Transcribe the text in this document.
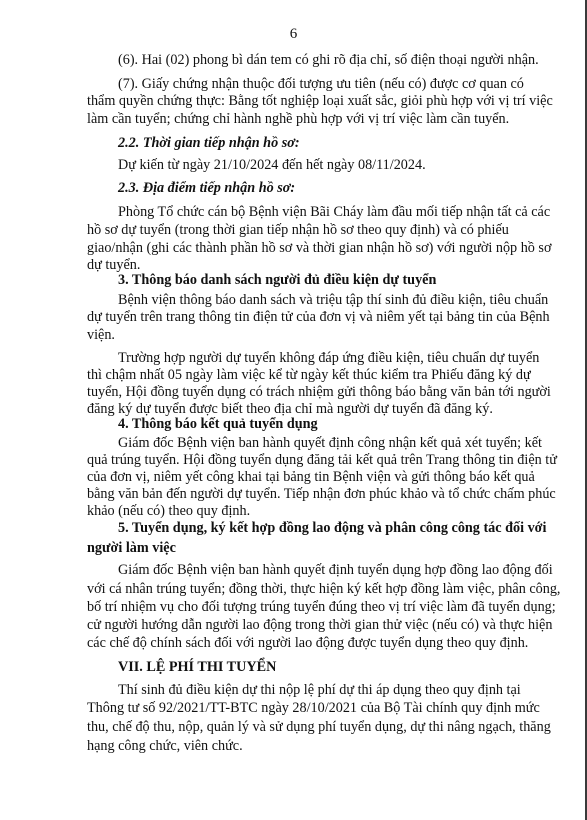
6
(6). Hai (02) phong bì dán tem có ghi rõ địa chỉ, số điện thoại người nhận.
(7). Giấy chứng nhận thuộc đối tượng ưu tiên (nếu có) được cơ quan có
thẩm quyền chứng thực: Bằng tốt nghiệp loại xuất sắc, giỏi phù hợp với vị trí việc
làm cần tuyển; chứng chỉ hành nghề phù hợp với vị trí việc làm cần tuyển.
2.2. Thời gian tiếp nhận hồ sơ:
Dự kiến từ ngày 21/10/2024 đến hết ngày 08/11/2024.
2.3. Địa điểm tiếp nhận hồ sơ:
Phòng Tổ chức cán bộ Bệnh viện Bãi Cháy làm đầu mối tiếp nhận tất cả các
hồ sơ dự tuyển (trong thời gian tiếp nhận hồ sơ theo quy định) và có phiếu
giao/nhận (ghi các thành phần hồ sơ và thời gian nhận hồ sơ) với người nộp hồ sơ
dự tuyển.
3. Thông báo danh sách người đủ điều kiện dự tuyển
Bệnh viện thông báo danh sách và triệu tập thí sinh đủ điều kiện, tiêu chuẩn
dự tuyển trên trang thông tin điện tử của đơn vị và niêm yết tại bảng tin của Bệnh
viện.
Trường hợp người dự tuyển không đáp ứng điều kiện, tiêu chuẩn dự tuyển
thì chậm nhất 05 ngày làm việc kể từ ngày kết thúc kiểm tra Phiếu đăng ký dự
tuyển, Hội đồng tuyển dụng có trách nhiệm gửi thông báo bằng văn bản tới người
đăng ký dự tuyển được biết theo địa chỉ mà người dự tuyển đã đăng ký.
4. Thông báo kết quả tuyển dụng
Giám đốc Bệnh viện ban hành quyết định công nhận kết quả xét tuyển; kết
quả trúng tuyển. Hội đồng tuyển dụng đăng tải kết quả trên Trang thông tin điện tử
của đơn vị, niêm yết công khai tại bảng tin Bệnh viện và gửi thông báo kết quả
bằng văn bản đến người dự tuyển. Tiếp nhận đơn phúc khảo và tổ chức chấm phúc
khảo (nếu có) theo quy định.
5. Tuyển dụng, ký kết hợp đồng lao động và phân công công tác đối với
người làm việc
Giám đốc Bệnh viện ban hành quyết định tuyển dụng hợp đồng lao động đối
với cá nhân trúng tuyển; đồng thời, thực hiện ký kết hợp đồng làm việc, phân công,
bố trí nhiệm vụ cho đối tượng trúng tuyển đúng theo vị trí việc làm đã tuyển dụng;
cử người hướng dẫn người lao động trong thời gian thử việc (nếu có) và thực hiện
các chế độ chính sách đối với người lao động được tuyển dụng theo quy định.
VII. LỆ PHÍ THI TUYỂN
Thí sinh đủ điều kiện dự thi nộp lệ phí dự thi áp dụng theo quy định tại
Thông tư số 92/2021/TT-BTC ngày 28/10/2021 của Bộ Tài chính quy định mức
thu, chế độ thu, nộp, quản lý và sử dụng phí tuyển dụng, dự thi nâng ngạch, thăng
hạng công chức, viên chức.
